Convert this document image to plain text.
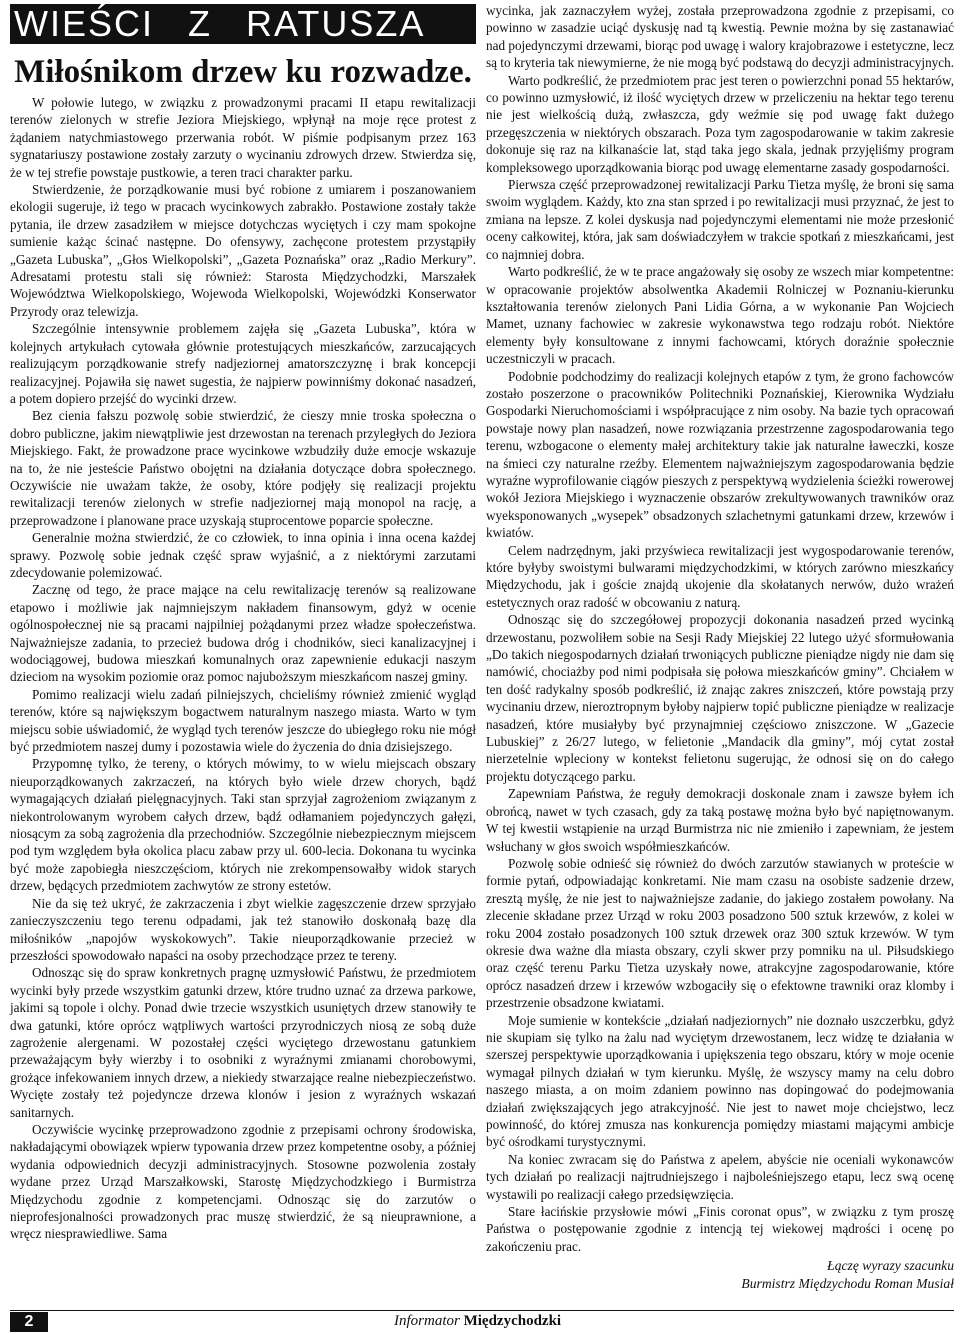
WIEŚCI Z RATUSZA
Miłośnikom drzew ku rozwadze.

W połowie lutego, w związku z prowadzonymi pracami II etapu rewitalizacji terenów zielonych w strefie Jeziora Miejskiego, wpłynął na moje ręce protest z żądaniem natychmiastowego przerwania robót. W piśmie podpisanym przez 163 sygnatariuszy postawione zostały zarzuty o wycinaniu zdrowych drzew. Stwierdza się, że w tej strefie powstaje pustkowie, a teren traci charakter parku.

Stwierdzenie, że porządkowanie musi być robione z umiarem i poszanowaniem ekologii sugeruje, iż tego w pracach wycinkowych zabrakło. Postawione zostały także pytania, ile drzew zasadziłem w miejsce dotychczas wyciętych i czy mam spokojne sumienie każąc ścinać następne. Do ofensywy, zachęcone protestem przystąpiły „Gazeta Lubuska”, „Głos Wielkopolski”, „Gazeta Poznańska” oraz „Radio Merkury”. Adresatami protestu stali się również: Starosta Międzychodzki, Marszałek Województwa Wielkopolskiego, Wojewoda Wielkopolski, Wojewódzki Konserwator Przyrody oraz telewizja.

Szczególnie intensywnie problemem zajęła się „Gazeta Lubuska”, która w kolejnych artykułach cytowała głównie protestujących mieszkańców, zarzucających realizującym porządkowanie strefy nadjeziornej amatorszczyznę i brak koncepcji realizacyjnej. Pojawiła się nawet sugestia, że najpierw powinniśmy dokonać nasadzeń, a potem dopiero przejść do wycinki drzew.

Bez cienia fałszu pozwolę sobie stwierdzić, że cieszy mnie troska społeczna o dobro publiczne, jakim niewątpliwie jest drzewostan na terenach przyległych do Jeziora Miejskiego. Fakt, że prowadzone prace wycinkowe wzbudziły duże emocje wskazuje na to, że nie jesteście Państwo obojętni na działania dotyczące dobra społecznego. Oczywiście nie uważam także, że osoby, które podjęły się realizacji projektu rewitalizacji terenów zielonych w strefie nadjeziornej mają monopol na rację, a przeprowadzone i planowane prace uzyskają stuprocentowe poparcie społeczne.

Generalnie można stwierdzić, że co człowiek, to inna opinia i inna ocena każdej sprawy. Pozwolę sobie jednak część spraw wyjaśnić, a z niektórymi zarzutami zdecydowanie polemizować.

Zacznę od tego, że prace mające na celu rewitalizację terenów są realizowane etapowo i możliwie jak najmniejszym nakładem finansowym, gdyż w ocenie ogólnospołecznej nie są pracami najpilniej pożądanymi przez władze społeczeństwa. Najważniejsze zadania, to przecież budowa dróg i chodników, sieci kanalizacyjnej i wodociągowej, budowa mieszkań komunalnych oraz zapewnienie edukacji naszym dzieciom na wysokim poziomie oraz pomoc najuboższym mieszkańcom naszej gminy.

Pomimo realizacji wielu zadań pilniejszych, chcieliśmy również zmienić wygląd terenów, które są największym bogactwem naturalnym naszego miasta. Warto w tym miejscu sobie uświadomić, że wygląd tych terenów jeszcze do ubiegłego roku nie mógł być przedmiotem naszej dumy i pozostawia wiele do życzenia do dnia dzisiejszego.

Przypomnę tylko, że tereny, o których mówimy, to w wielu miejscach obszary nieuporządkowanych zakrzaczeń, na których było wiele drzew chorych, bądź wymagających działań pielęgnacyjnych. Taki stan sprzyjał zagrożeniom związanym z niekontrolowanym wyrobem całych drzew, bądź odłamaniem pojedynczych gałęzi, niosącym za sobą zagrożenia dla przechodniów. Szczególnie niebezpiecznym miejscem pod tym względem była okolica placu zabaw przy ul. 600-lecia. Dokonana tu wycinka być może zapobiegła nieszczęściom, których nie zrekompensowałby widok starych drzew, będących przedmiotem zachwytów ze strony estetów.

Nie da się też ukryć, że zakrzaczenia i zbyt wielkie zagęszczenie drzew sprzyjało zanieczyszczeniu tego terenu odpadami, jak też stanowiło doskonałą bazę dla miłośników „napojów wyskokowych”. Takie nieuporządkowanie przecież w przeszłości spowodowało napaści na osoby przechodzące przez te tereny.

Odnosząc się do spraw konkretnych pragnę uzmysłowić Państwu, że przedmiotem wycinki były przede wszystkim gatunki drzew, które trudno uznać za drzewa parkowe, jakimi są topole i olchy. Ponad dwie trzecie wszystkich usuniętych drzew stanowiły te dwa gatunki, które oprócz wątpliwych wartości przyrodniczych niosą ze sobą duże zagrożenie alergenami. W pozostałej części wyciętego drzewostanu gatunkiem przeważającym były wierzby i to osobniki z wyraźnymi zmianami chorobowymi, grożące infekowaniem innych drzew, a niekiedy stwarzające realne niebezpieczeństwo. Wycięte zostały też pojedyncze drzewa klonów i jesion z wyraźnych wskazań sanitarnych.

Oczywiście wycinkę przeprowadzono zgodnie z przepisami ochrony środowiska, nakładającymi obowiązek wpierw typowania drzew przez kompetentne osoby, a później wydania odpowiednich decyzji administracyjnych. Stosowne pozwolenia zostały wydane przez Urząd Marszałkowski, Starostę Międzychodzkiego i Burmistrza Międzychodu zgodnie z kompetencjami. Odnosząc się do zarzutów o nieprofesjonalności prowadzonych prac muszę stwierdzić, że są nieuprawnione, a wręcz niesprawiedliwe. Sama

wycinka, jak zaznaczyłem wyżej, została przeprowadzona zgodnie z przepisami, co powinno w zasadzie uciąć dyskusję nad tą kwestią. Pewnie można by się zastanawiać nad pojedynczymi drzewami, biorąc pod uwagę i walory krajobrazowe i estetyczne, lecz są to kryteria tak niewymierne, że nie mogą być podstawą do decyzji administracyjnych.

Warto podkreślić, że przedmiotem prac jest teren o powierzchni ponad 55 hektarów, co powinno uzmysłowić, iż ilość wyciętych drzew w przeliczeniu na hektar tego terenu nie jest wielkością dużą, zwłaszcza, gdy weźmie się pod uwagę fakt dużego przegęszczenia w niektórych obszarach. Poza tym zagospodarowanie w takim zakresie dokonuje się raz na kilkanaście lat, stąd taka jego skala, jednak przyjęliśmy program kompleksowego uporządkowania biorąc pod uwagę elementarne zasady gospodarności.

Pierwsza część przeprowadzonej rewitalizacji Parku Tietza myślę, że broni się sama swoim wyglądem. Każdy, kto zna stan sprzed i po rewitalizacji musi przyznać, że jest to zmiana na lepsze. Z kolei dyskusja nad pojedynczymi elementami nie może przesłonić oceny całkowitej, która, jak sam doświadczyłem w trakcie spotkań z mieszkańcami, jest co najmniej dobra.

Warto podkreślić, że w te prace angażowały się osoby ze wszech miar kompetentne: w opracowanie projektów absolwentka Akademii Rolniczej w Poznaniu-kierunku kształtowania terenów zielonych Pani Lidia Górna, a w wykonanie Pan Wojciech Mamet, uznany fachowiec w zakresie wykonawstwa tego rodzaju robót. Niektóre elementy były konsultowane z innymi fachowcami, których doraźnie społecznie uczestniczyli w pracach.

Podobnie podchodzimy do realizacji kolejnych etapów z tym, że grono fachowców zostało poszerzone o pracowników Politechniki Poznańskiej, Kierownika Wydziału Gospodarki Nieruchomościami i współpracujące z nim osoby. Na bazie tych opracowań powstaje nowy plan nasadzeń, nowe rozwiązania przestrzenne zagospodarowania tego terenu, wzbogacone o elementy małej architektury takie jak naturalne ławeczki, kosze na śmieci czy naturalne rzeźby. Elementem najważniejszym zagospodarowania będzie wyraźne wyprofilowanie ciągów pieszych z perspektywą wydzielenia ścieżki rowerowej wokół Jeziora Miejskiego i wyznaczenie obszarów zrekultywowanych trawników oraz wyeksponowanych „wysepek” obsadzonych szlachetnymi gatunkami drzew, krzewów i kwiatów.

Celem nadrzędnym, jaki przyświeca rewitalizacji jest wygospodarowanie terenów, które byłyby swoistymi bulwarami międzychodzkimi, w których zarówno mieszkańcy Międzychodu, jak i goście znajdą ukojenie dla skołatanych nerwów, dużo wrażeń estetycznych oraz radość w obcowaniu z naturą.

Odnosząc się do szczegółowej propozycji dokonania nasadzeń przed wycinką drzewostanu, pozwoliłem sobie na Sesji Rady Miejskiej 22 lutego użyć sformułowania „Do takich niegospodarnych działań trwoniących publiczne pieniądze nigdy nie dam się namówić, chociażby pod nimi podpisała się połowa mieszkańców gminy”. Chciałem w ten dość radykalny sposób podkreślić, iż znając zakres zniszczeń, które powstają przy wycinaniu drzew, nieroztropnym byłoby najpierw topić publiczne pieniądze w realizacje nasadzeń, które musiałyby być przynajmniej częściowo zniszczone. W „Gazecie Lubuskiej” z 26/27 lutego, w felietonie „Mandacik dla gminy”, mój cytat został nierzetelnie wpleciony w kontekst felietonu sugerując, że odnosi się on do całego projektu dotyczącego parku.

Zapewniam Państwa, że reguły demokracji doskonale znam i zawsze byłem ich obrońcą, nawet w tych czasach, gdy za taką postawę można było być napiętnowanym. W tej kwestii wstąpienie na urząd Burmistrza nic nie zmieniło i zapewniam, że jestem wsłuchany w głos swoich współmieszkańców.

Pozwolę sobie odnieść się również do dwóch zarzutów stawianych w proteście w formie pytań, odpowiadając konkretami. Nie mam czasu na osobiste sadzenie drzew, zresztą myślę, że nie jest to najważniejsze zadanie, do jakiego zostałem powołany. Na zlecenie składane przez Urząd w roku 2003 posadzono 500 sztuk krzewów, z kolei w roku 2004 zostało posadzonych 100 sztuk drzewek oraz 300 sztuk krzewów. W tym okresie dwa ważne dla miasta obszary, czyli skwer przy pomniku na ul. Piłsudskiego oraz część terenu Parku Tietza uzyskały nowe, atrakcyjne zagospodarowanie, które oprócz nasadzeń drzew i krzewów wzbogaciły się o efektowne trawniki oraz klomby i przestrzenie obsadzone kwiatami.

Moje sumienie w kontekście „działań nadjeziornych” nie doznało uszczerbku, gdyż nie skupiam się tylko na żalu nad wyciętym drzewostanem, lecz widzę te działania w szerszej perspektywie uporządkowania i upiększenia tego obszaru, który w moje ocenie wymagał pilnych działań w tym kierunku. Myślę, że wszyscy mamy na celu dobro naszego miasta, a on moim zdaniem powinno nas dopingować do podejmowania działań zwiększających jego atrakcyjność. Nie jest to nawet moje chciejstwo, lecz powinność, do której zmusza nas konkurencja pomiędzy miastami mającymi ambicje być ośrodkami turystycznymi.

Na koniec zwracam się do Państwa z apelem, abyście nie oceniali wykonawców tych działań po realizacji najtrudniejszego i najboleśniejszego etapu, lecz swą ocenę wystawili po realizacji całego przedsięwzięcia.

Stare łacińskie przysłowie mówi „Finis coronat opus”, w związku z tym proszę Państwa o postępowanie zgodnie z intencją tej wiekowej mądrości i ocenę po zakończeniu prac.

Łączę wyrazy szacunku
Burmistrz Międzychodu Roman Musiał
2	Informator Międzychodzki
